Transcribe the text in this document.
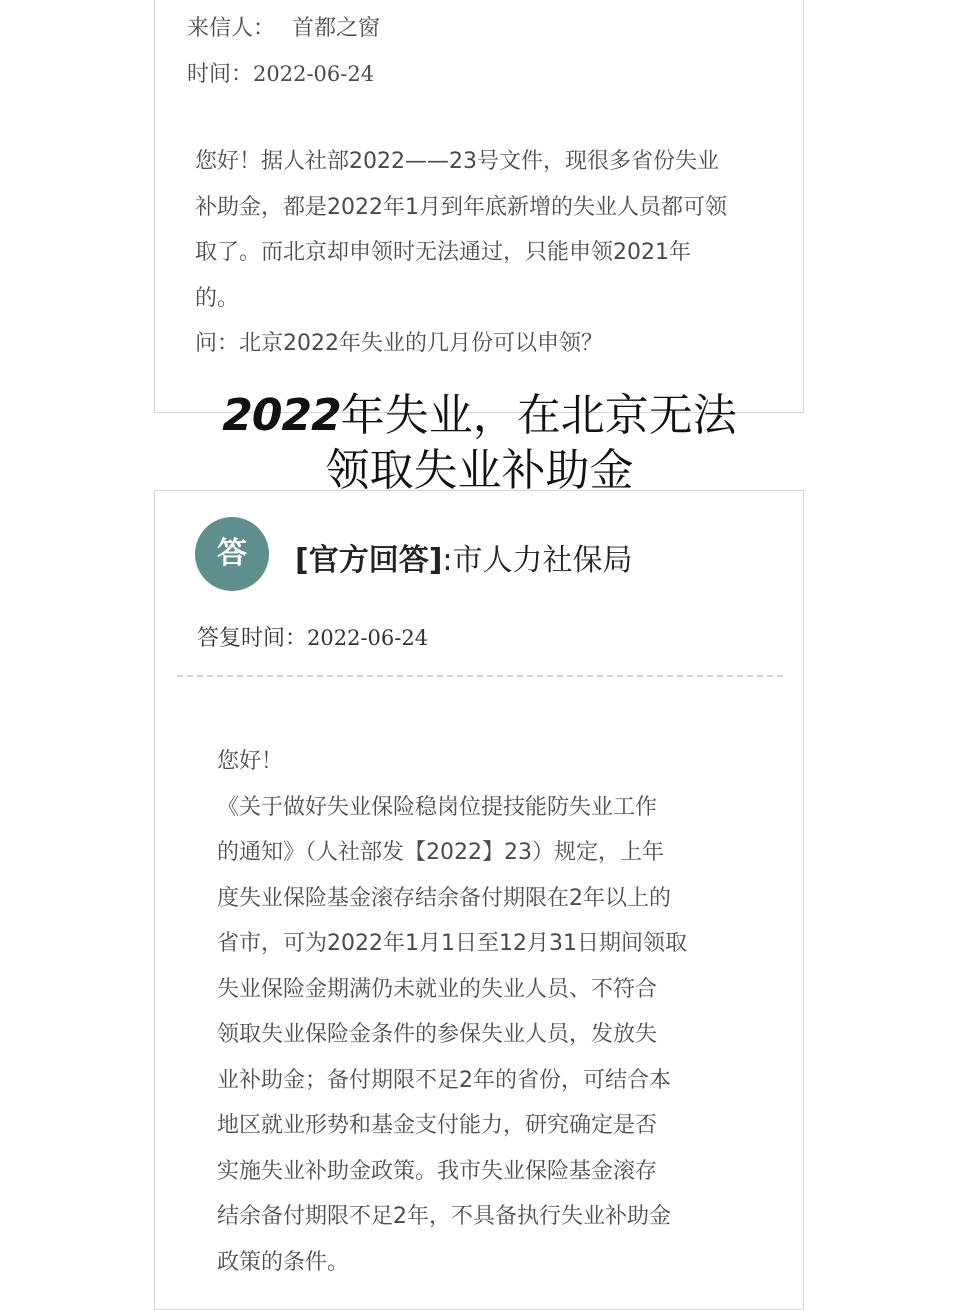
来信人： 首都之窗
时间：2022-06-24

您好！据人社部2022——23号文件，现很多省份失业

补助金，都是2022年1月到年底新增的失业人员都可领

取了。而北京却申领时无法通过，只能申领2021年

的。

问：北京2022年失业的几月份可以申领？

2022年失业，在北京无法
领取失业补助金
答	[官方回答]:市人力社保局
答复时间：2022-06-24

您好！

《关于做好失业保险稳岗位提技能防失业工作

的通知》（人社部发【2022】23）规定，上年

度失业保险基金滚存结余备付期限在2年以上的

省市，可为2022年1月1日至12月31日期间领取

失业保险金期满仍未就业的失业人员、不符合

领取失业保险金条件的参保失业人员，发放失

业补助金；备付期限不足2年的省份，可结合本

地区就业形势和基金支付能力，研究确定是否

实施失业补助金政策。我市失业保险基金滚存

结余备付期限不足2年，不具备执行失业补助金

政策的条件。
